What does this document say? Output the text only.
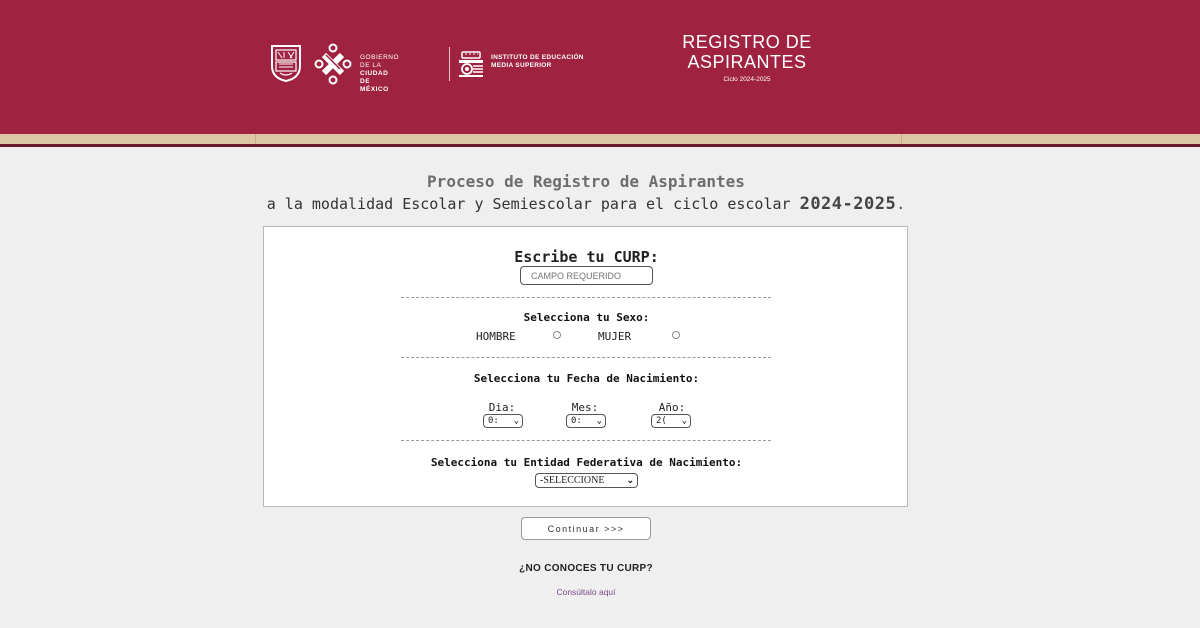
GOBIERNO DE LA
CIUDAD DE MÉXICO
INSTITUTO DE EDUCACIÓN
MEDIA SUPERIOR
REGISTRO DE
ASPIRANTES
Ciclo 2024-2025
Proceso de Registro de Aspirantes
a la modalidad Escolar y Semiescolar para el ciclo escolar 2024-2025.
Escribe tu CURP:
CAMPO REQUERIDO
Selecciona tu Sexo:
HOMBRE	MUJER
Selecciona tu Fecha de Nacimiento:
Dia:	Mes:	Año:
0: ⌄	0: ⌄	2( ⌄
Selecciona tu Entidad Federativa de Nacimiento:
-SELECCIONE ⌄
Continuar >>>
¿NO CONOCES TU CURP?
Consúltalo aquí
